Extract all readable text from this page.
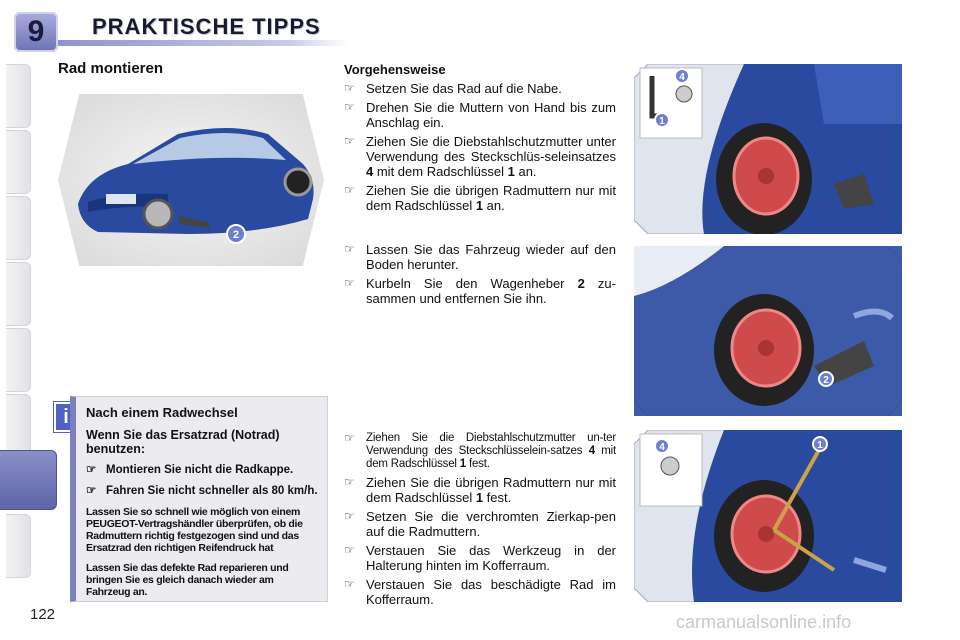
9	PRAKTISCHE TIPPS
Rad montieren
2
i	Nach einem Radwechsel
Wenn Sie das Ersatzrad (Notrad) benutzen:
☞ Montieren Sie nicht die Radkappe.
☞ Fahren Sie nicht schneller als 80 km/h.
Lassen Sie so schnell wie möglich von einem PEUGEOT-Vertragshändler überprüfen, ob die Radmuttern richtig festgezogen sind und das Ersatzrad den richtigen Reifendruck hat
Lassen Sie das defekte Rad reparieren und bringen Sie es gleich danach wieder am Fahrzeug an.
Vorgehensweise
☞ Setzen Sie das Rad auf die Nabe.
☞ Drehen Sie die Muttern von Hand bis zum Anschlag ein.
☞ Ziehen Sie die Diebstahlschutzmutter unter Verwendung des Steckschlüs-seleinsatzes 4 mit dem Radschlüssel 1 an.
☞ Ziehen Sie die übrigen Radmuttern nur mit dem Radschlüssel 1 an.
☞ Lassen Sie das Fahrzeug wieder auf den Boden herunter.
☞ Kurbeln Sie den Wagenheber 2 zu-sammen und entfernen Sie ihn.
☞ Ziehen Sie die Diebstahlschutzmutter un-ter Verwendung des Steckschlüsselein-satzes 4 mit dem Radschlüssel 1 fest.
☞ Ziehen Sie die übrigen Radmuttern nur mit dem Radschlüssel 1 fest.
☞ Setzen Sie die verchromten Zierkap-pen auf die Radmuttern.
☞ Verstauen Sie das Werkzeug in der Halterung hinten im Kofferraum.
☞ Verstauen Sie das beschädigte Rad im Kofferraum.
4
1
2
4	1
122	carmanualsonline.info
